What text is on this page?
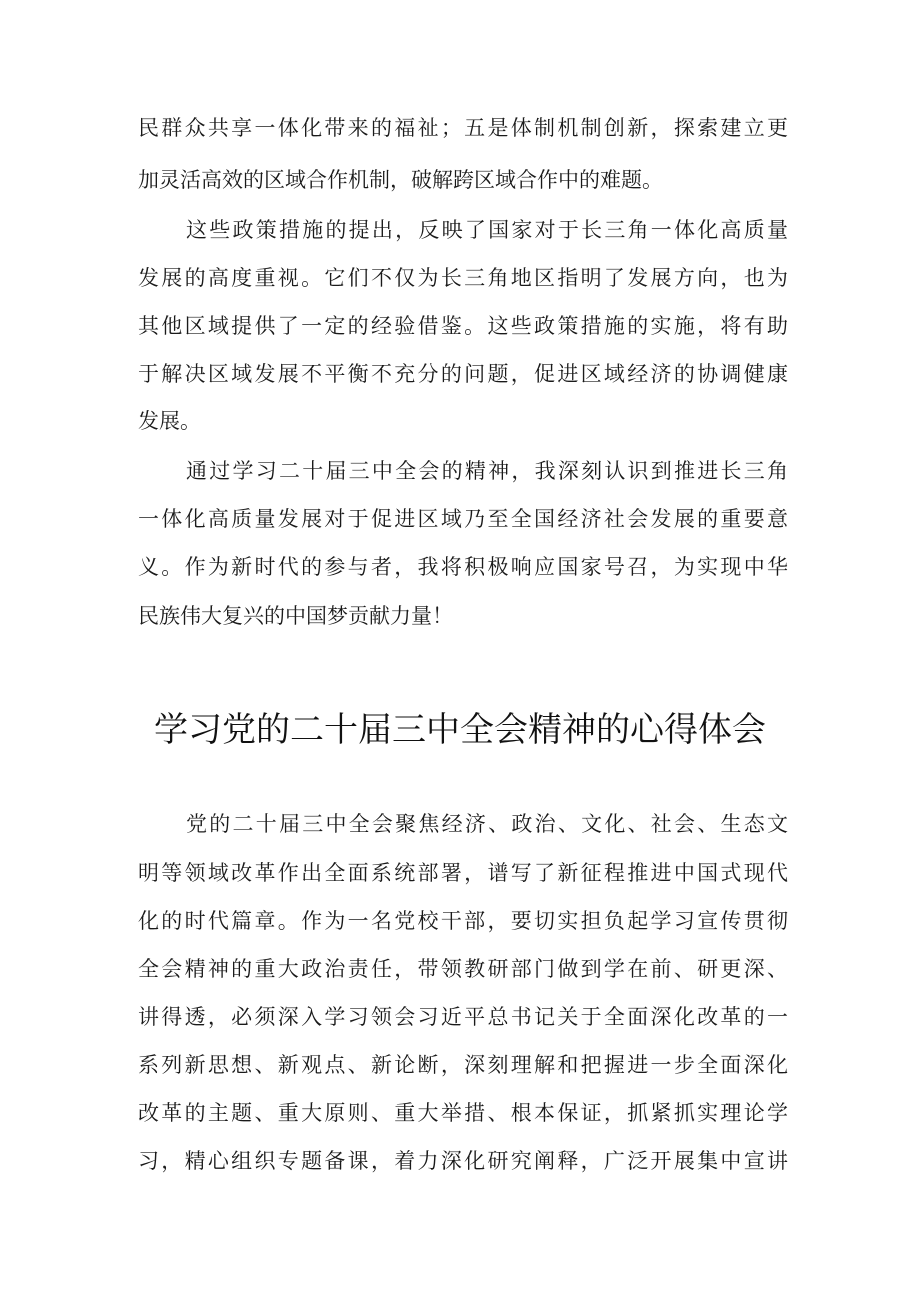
民群众共享一体化带来的福祉；五是体制机制创新，探索建立更
加灵活高效的区域合作机制，破解跨区域合作中的难题。
这些政策措施的提出，反映了国家对于长三角一体化高质量
发展的高度重视。它们不仅为长三角地区指明了发展方向，也为
其他区域提供了一定的经验借鉴。这些政策措施的实施，将有助
于解决区域发展不平衡不充分的问题，促进区域经济的协调健康
发展。
通过学习二十届三中全会的精神，我深刻认识到推进长三角
一体化高质量发展对于促进区域乃至全国经济社会发展的重要意
义。作为新时代的参与者，我将积极响应国家号召，为实现中华
民族伟大复兴的中国梦贡献力量！
学习党的二十届三中全会精神的心得体会
党的二十届三中全会聚焦经济、政治、文化、社会、生态文
明等领域改革作出全面系统部署，谱写了新征程推进中国式现代
化的时代篇章。作为一名党校干部，要切实担负起学习宣传贯彻
全会精神的重大政治责任，带领教研部门做到学在前、研更深、
讲得透，必须深入学习领会习近平总书记关于全面深化改革的一
系列新思想、新观点、新论断，深刻理解和把握进一步全面深化
改革的主题、重大原则、重大举措、根本保证，抓紧抓实理论学
习，精心组织专题备课，着力深化研究阐释，广泛开展集中宣讲
